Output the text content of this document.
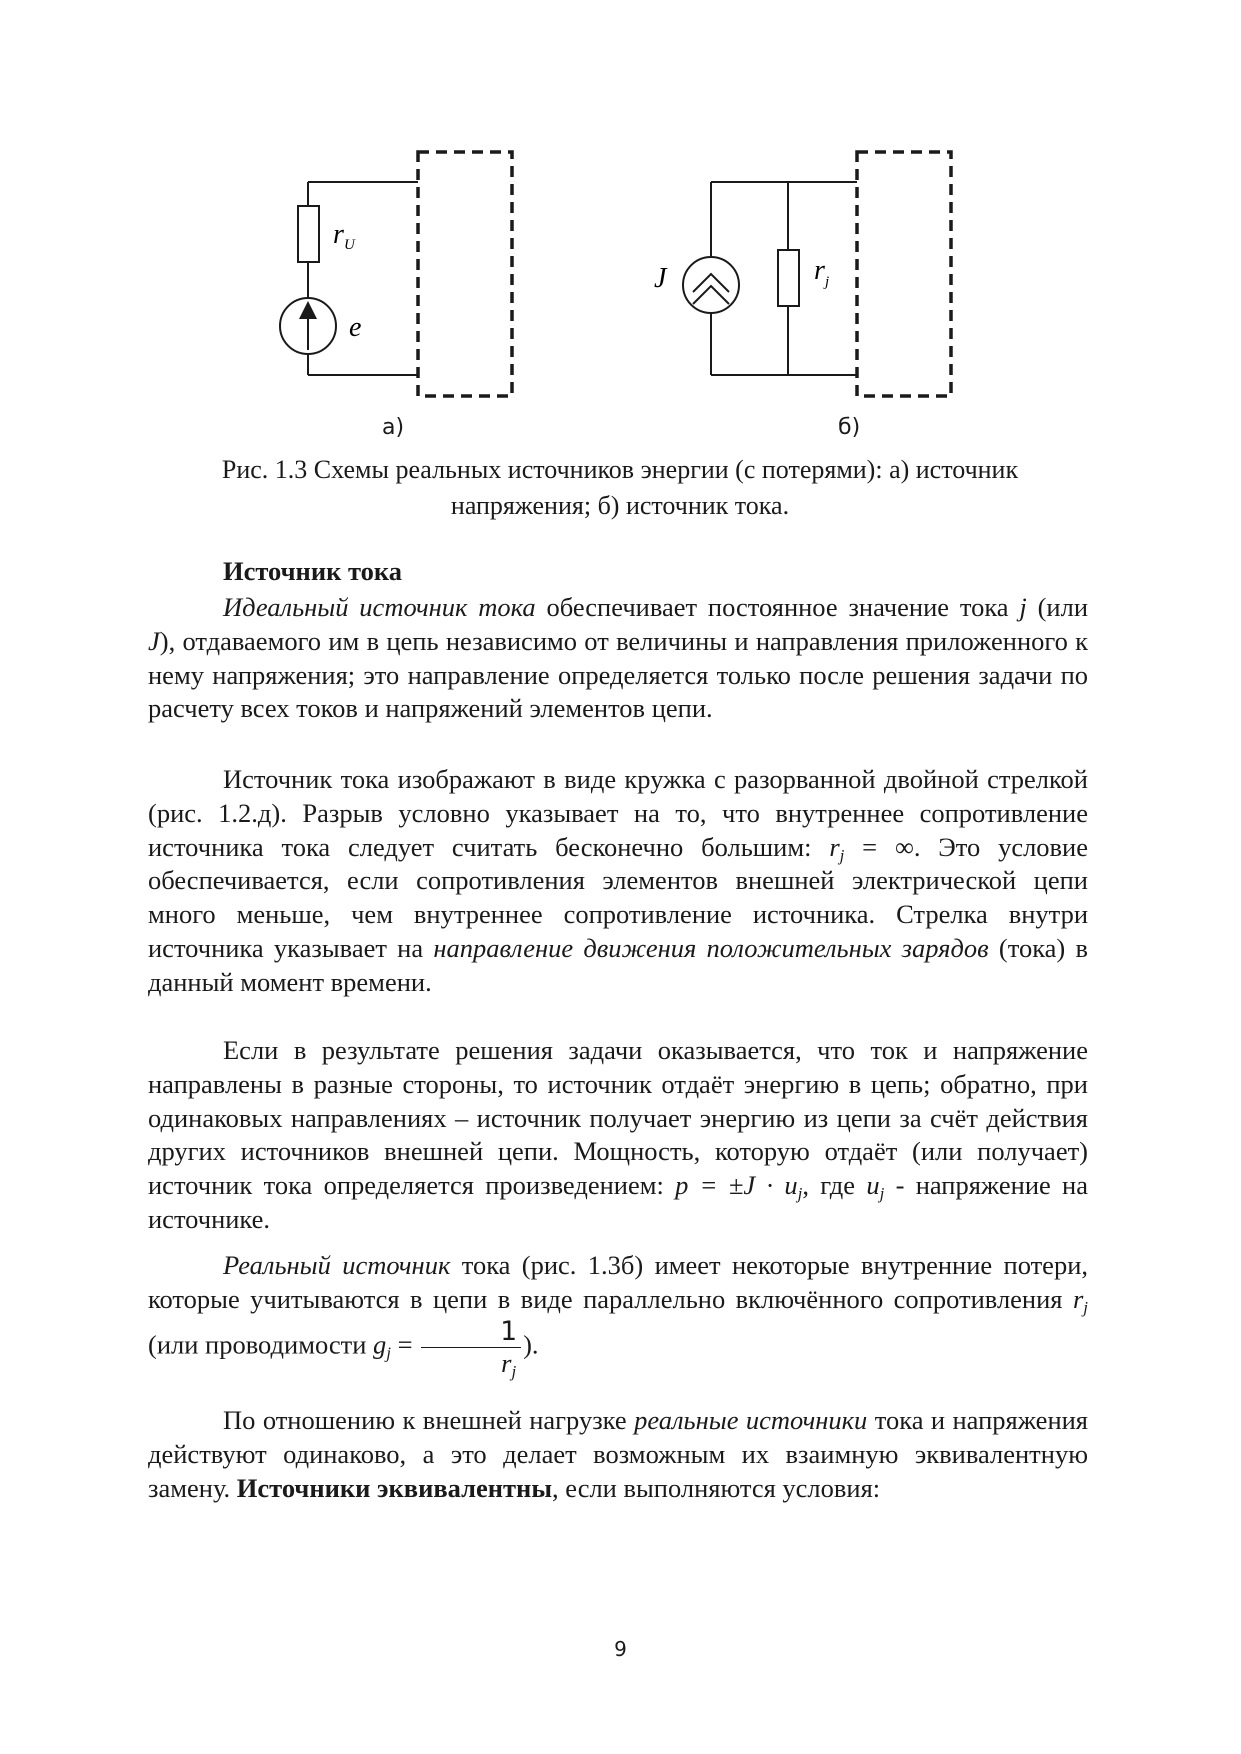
r U
e
J	r j
а)	б)
Рис. 1.3 Схемы реальных источников энергии (с потерями): а) источник
напряжения; б) источник тока.
Источник тока
Идеальный источник тока обеспечивает постоянное значение тока j (или J), отдаваемого им в цепь независимо от величины и направления приложенного к нему напряжения; это направление определяется только после решения задачи по расчету всех токов и напряжений элементов цепи.
Источник тока изображают в виде кружка с разорванной двойной стрелкой (рис. 1.2.д). Разрыв условно указывает на то, что внутреннее сопротивление источника тока следует считать бесконечно большим: $r_j$ = ∞. Это условие обеспечивается, если сопротивления элементов внешней электрической цепи много меньше, чем внутреннее сопротивление источника. Стрелка внутри источника указывает на направление движения положительных зарядов (тока) в данный момент времени.
Если в результате решения задачи оказывается, что ток и напряжение направлены в разные стороны, то источник отдаёт энергию в цепь; обратно, при одинаковых направлениях – источник получает энергию из цепи за счёт действия других источников внешней цепи. Мощность, которую отдаёт (или получает) источник тока определяется произведением: $p = \pm J \cdot u_j$, где $u_j$ - напряжение на источнике.
Реальный источник тока (рис. 1.3б) имеет некоторые внутренние потери, которые учитываются в цепи в виде параллельно включённого сопротивления $r_j$ (или проводимости $g_j = \frac{1}{r_j}$ ).
По отношению к внешней нагрузке реальные источники тока и напряжения действуют одинаково, а это делает возможным их взаимную эквивалентную замену. Источники эквивалентны, если выполняются условия:
9
